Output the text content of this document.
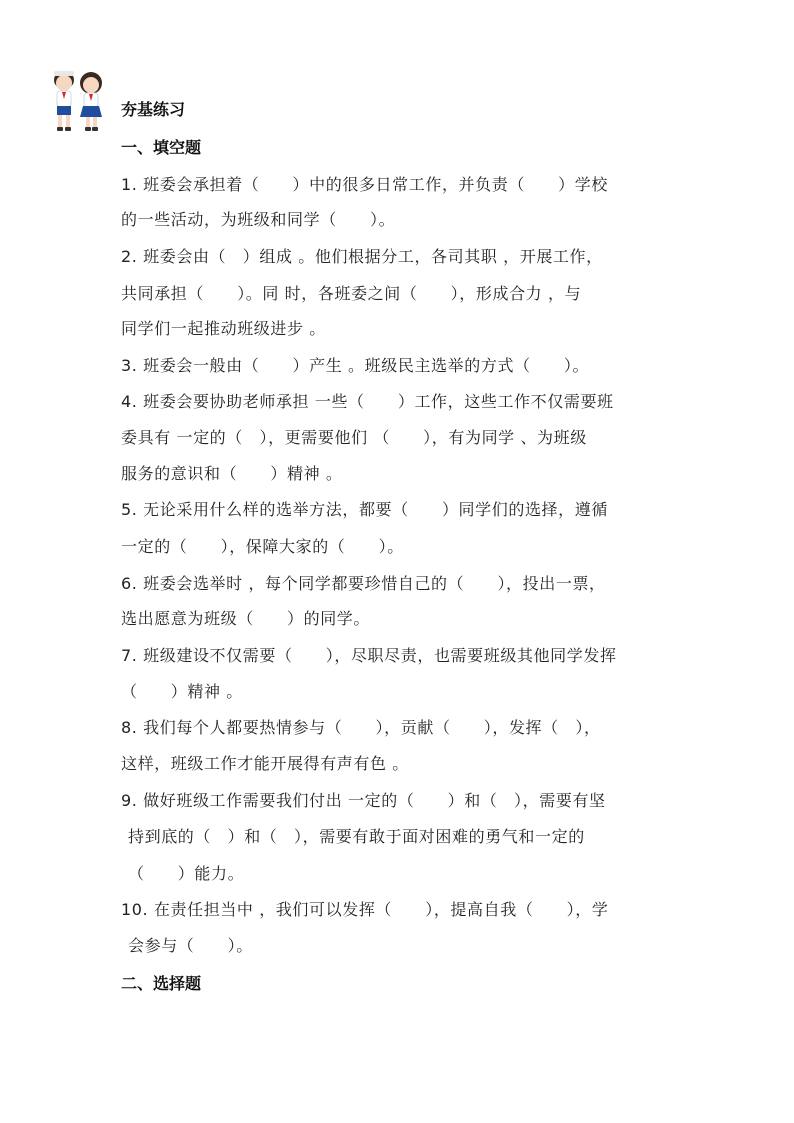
夯基练习
一、填空题
1. 班委会承担着（　　）中的很多日常工作，并负责（　　）学校
的一些活动，为班级和同学（　　）。
2. 班委会由（　）组成 。他们根据分工，各司其职 ，开展工作，
共同承担（　　）。同 时，各班委之间（　　），形成合力 ，与
同学们一起推动班级进步 。
3. 班委会一般由（　　）产生 。班级民主选举的方式（　　）。
4. 班委会要协助老师承担 一些（　　）工作，这些工作不仅需要班
委具有 一定的（　），更需要他们 （　　），有为同学 、为班级
服务的意识和（　　）精神 。
5. 无论采用什么样的选举方法，都要（　　）同学们的选择，遵循
一定的（　　），保障大家的（　　）。
6. 班委会选举时 ，每个同学都要珍惜自己的（　　），投出一票，
选出愿意为班级（　　）的同学。
7. 班级建设不仅需要（　　），尽职尽责，也需要班级其他同学发挥
（　　）精神 。
8. 我们每个人都要热情参与（　　），贡献（　　），发挥（　），
这样，班级工作才能开展得有声有色 。
9. 做好班级工作需要我们付出 一定的（　　）和（　），需要有坚
持到底的（　）和（　），需要有敢于面对困难的勇气和一定的
（　　）能力。
10. 在责任担当中 ，我们可以发挥（　　），提高自我（　　），学
会参与（　　）。
二、选择题
